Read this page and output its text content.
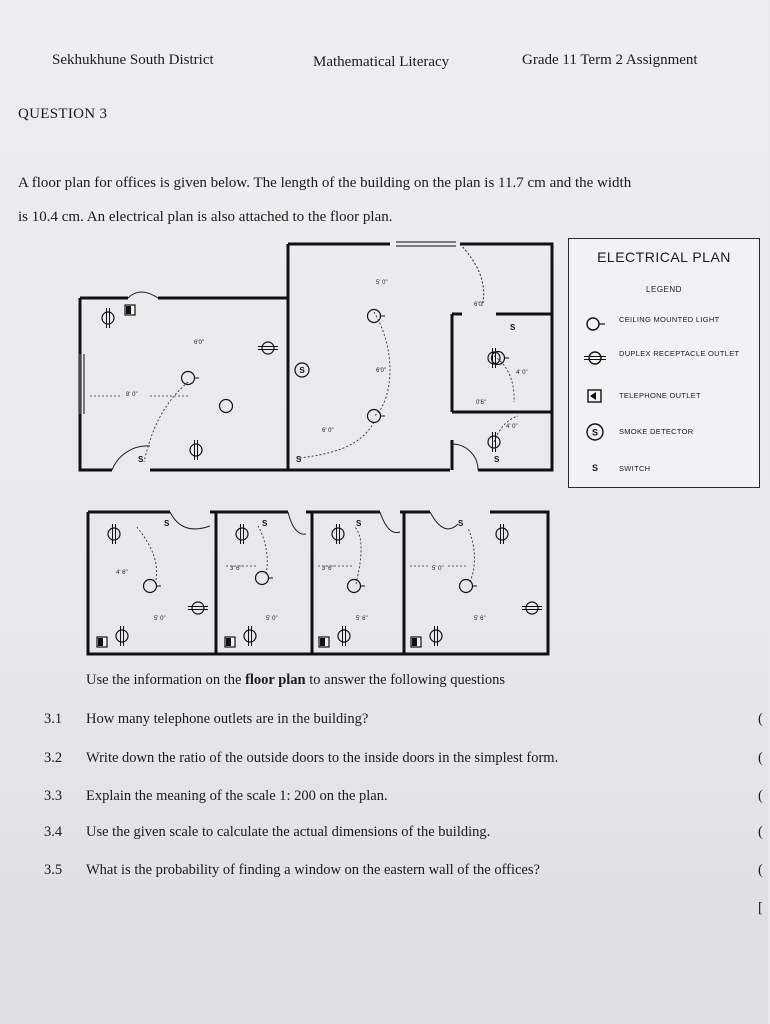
Sekhukhune South District	Mathematical Literacy	Grade 11 Term 2 Assignment
QUESTION 3
A floor plan for offices is given below. The length of the building on the plan is 11.7 cm and the width
is 10.4 cm. An electrical plan is also attached to the floor plan.
S
S	S	S
S
S	S	S	S
5' 0"
6'0"
6'0"
8' 0"
6'0"	4' 0"
6' 0"
0'6"
4' 0"
4' 6"
3' 6"	3' 6"	5' 0"
5' 0"	5' 0"	5' 6"	5' 6"
ELECTRICAL PLAN
LEGEND
CEILING MOUNTED LIGHT
DUPLEX RECEPTACLE OUTLET
TELEPHONE OUTLET
S	SMOKE DETECTOR
S	SWITCH
Use the information on the floor plan to answer the following questions
3.1 How many telephone outlets are in the building?	(
3.2 Write down the ratio of the outside doors to the inside doors in the simplest form.	(
3.3 Explain the meaning of the scale 1: 200 on the plan.	(
3.4 Use the given scale to calculate the actual dimensions of the building.	(
3.5 What is the probability of finding a window on the eastern wall of the offices?	(
[
